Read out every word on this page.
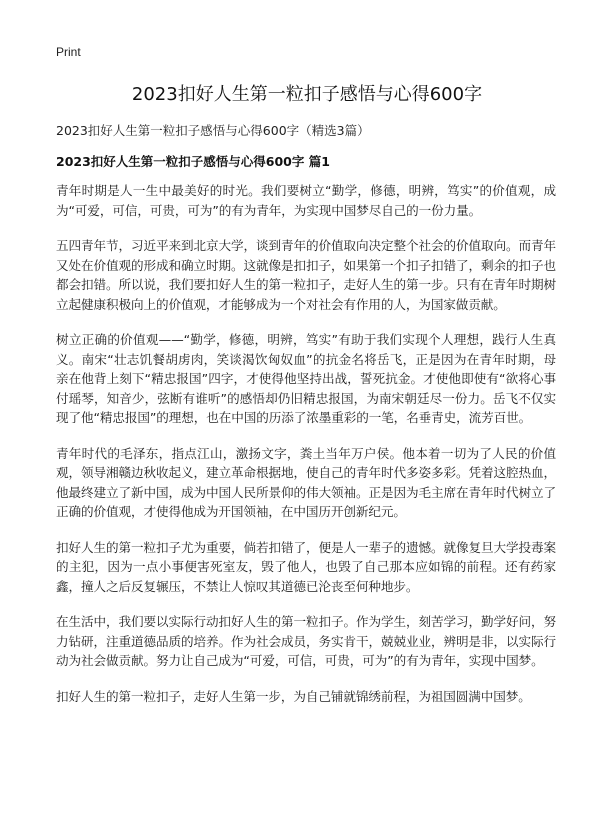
Print
2023扣好人生第一粒扣子感悟与心得600字
2023扣好人生第一粒扣子感悟与心得600字（精选3篇）
2023扣好人生第一粒扣子感悟与心得600字 篇1

青年时期是人一生中最美好的时光。我们要树立“勤学，修德，明辨，笃实”的价值观，成为“可爱，可信，可贵，可为”的有为青年，为实现中国梦尽自己的一份力量。

五四青年节，习近平来到北京大学，谈到青年的价值取向决定整个社会的价值取向。而青年又处在价值观的形成和确立时期。这就像是扣扣子，如果第一个扣子扣错了，剩余的扣子也都会扣错。所以说，我们要扣好人生的第一粒扣子，走好人生的第一步。只有在青年时期树立起健康积极向上的价值观，才能够成为一个对社会有作用的人，为国家做贡献。

树立正确的价值观——“勤学，修德，明辨，笃实”有助于我们实现个人理想，践行人生真义。南宋“壮志饥餐胡虏肉，笑谈渴饮匈奴血”的抗金名将岳飞，正是因为在青年时期，母亲在他背上刻下“精忠报国”四字，才使得他坚持出战，誓死抗金。才使他即使有“欲将心事付瑶琴，知音少，弦断有谁听”的感悟却仍旧精忠报国，为南宋朝廷尽一份力。岳飞不仅实现了他“精忠报国”的理想，也在中国的历添了浓墨重彩的一笔，名垂青史，流芳百世。

青年时代的毛泽东，指点江山，激扬文字，粪土当年万户侯。他本着一切为了人民的价值观，领导湘赣边秋收起义，建立革命根据地，使自己的青年时代多姿多彩。凭着这腔热血，他最终建立了新中国，成为中国人民所景仰的伟大领袖。正是因为毛主席在青年时代树立了正确的价值观，才使得他成为开国领袖，在中国历开创新纪元。

扣好人生的第一粒扣子尤为重要，倘若扣错了，便是人一辈子的遗憾。就像复旦大学投毒案的主犯，因为一点小事便害死室友，毁了他人，也毁了自己那本应如锦的前程。还有药家鑫，撞人之后反复辗压，不禁让人惊叹其道德已沦丧至何种地步。

在生活中，我们要以实际行动扣好人生的第一粒扣子。作为学生，刻苦学习，勤学好问，努力钻研，注重道德品质的培养。作为社会成员，务实肯干，兢兢业业，辨明是非，以实际行动为社会做贡献。努力让自己成为“可爱，可信，可贵，可为”的有为青年，实现中国梦。

扣好人生的第一粒扣子，走好人生第一步，为自己铺就锦绣前程，为祖国圆满中国梦。
